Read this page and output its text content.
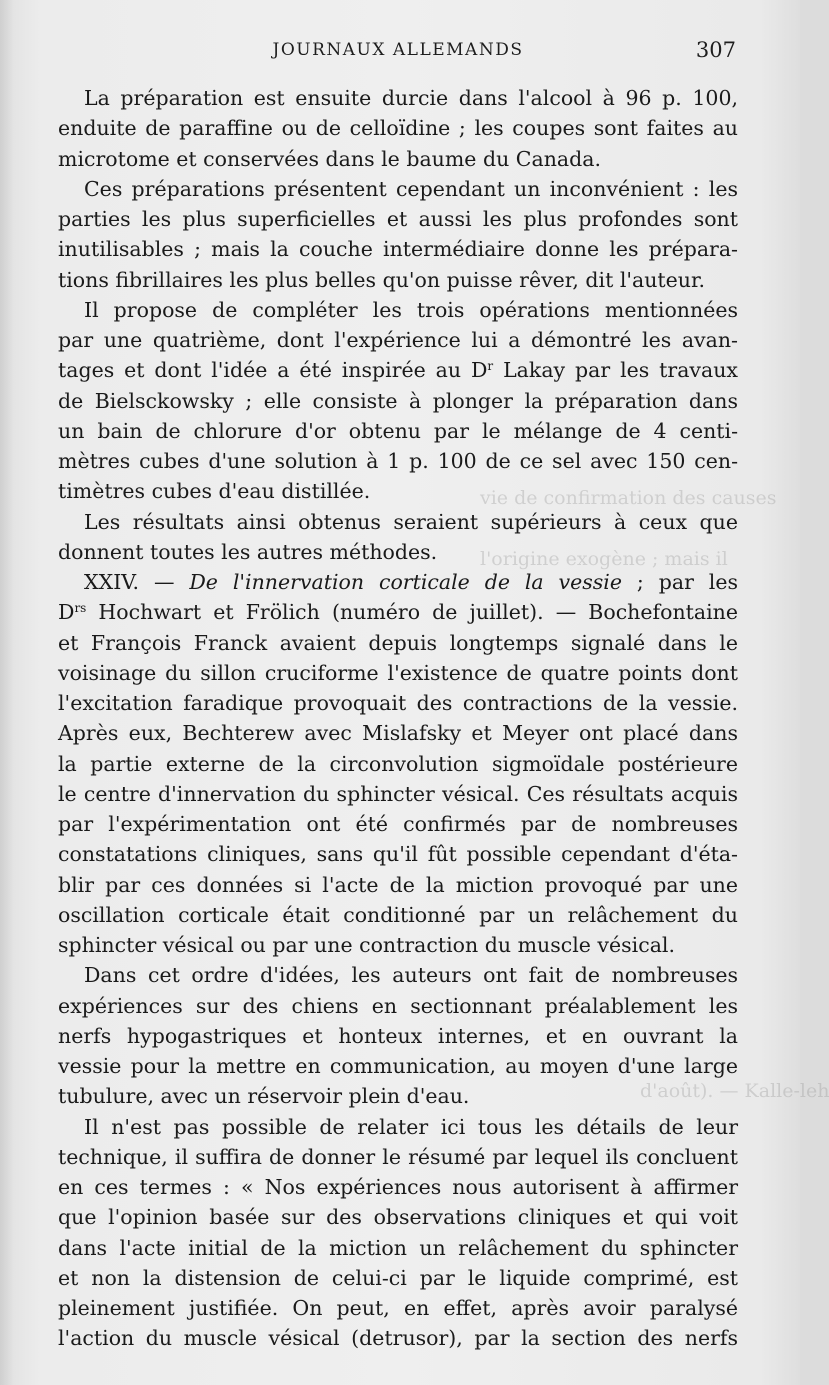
vie de confirmation des causes
l'origine exogène ; mais il
d'août). — Kalle-leh
JOURNAUX ALLEMANDS	307
La préparation est ensuite durcie dans l'alcool à 96 p. 100,
enduite de paraffine ou de celloïdine ; les coupes sont faites au
microtome et conservées dans le baume du Canada.
Ces préparations présentent cependant un inconvénient : les
parties les plus superficielles et aussi les plus profondes sont
inutilisables ; mais la couche intermédiaire donne les prépara-
tions fibrillaires les plus belles qu'on puisse rêver, dit l'auteur.
Il propose de compléter les trois opérations mentionnées
par une quatrième, dont l'expérience lui a démontré les avan-
tages et dont l'idée a été inspirée au $D^r$ Lakay par les travaux
de Bielsckowsky ; elle consiste à plonger la préparation dans
un bain de chlorure d'or obtenu par le mélange de 4 centi-
mètres cubes d'une solution à 1 p. 100 de ce sel avec 150 cen-
timètres cubes d'eau distillée.
Les résultats ainsi obtenus seraient supérieurs à ceux que
donnent toutes les autres méthodes.
XXIV. — De l'innervation corticale de la vessie ; par les
$D^{rs}$ Hochwart et Frölich (numéro de juillet). — Bochefontaine
et François Franck avaient depuis longtemps signalé dans le
voisinage du sillon cruciforme l'existence de quatre points dont
l'excitation faradique provoquait des contractions de la vessie.
Après eux, Bechterew avec Mislafsky et Meyer ont placé dans
la partie externe de la circonvolution sigmoïdale postérieure
le centre d'innervation du sphincter vésical. Ces résultats acquis
par l'expérimentation ont été confirmés par de nombreuses
constatations cliniques, sans qu'il fût possible cependant d'éta-
blir par ces données si l'acte de la miction provoqué par une
oscillation corticale était conditionné par un relâchement du
sphincter vésical ou par une contraction du muscle vésical.
Dans cet ordre d'idées, les auteurs ont fait de nombreuses
expériences sur des chiens en sectionnant préalablement les
nerfs hypogastriques et honteux internes, et en ouvrant la
vessie pour la mettre en communication, au moyen d'une large
tubulure, avec un réservoir plein d'eau.
Il n'est pas possible de relater ici tous les détails de leur
technique, il suffira de donner le résumé par lequel ils concluent
en ces termes : « Nos expériences nous autorisent à affirmer
que l'opinion basée sur des observations cliniques et qui voit
dans l'acte initial de la miction un relâchement du sphincter
et non la distension de celui-ci par le liquide comprimé, est
pleinement justifiée. On peut, en effet, après avoir paralysé
l'action du muscle vésical (detrusor), par la section des nerfs
